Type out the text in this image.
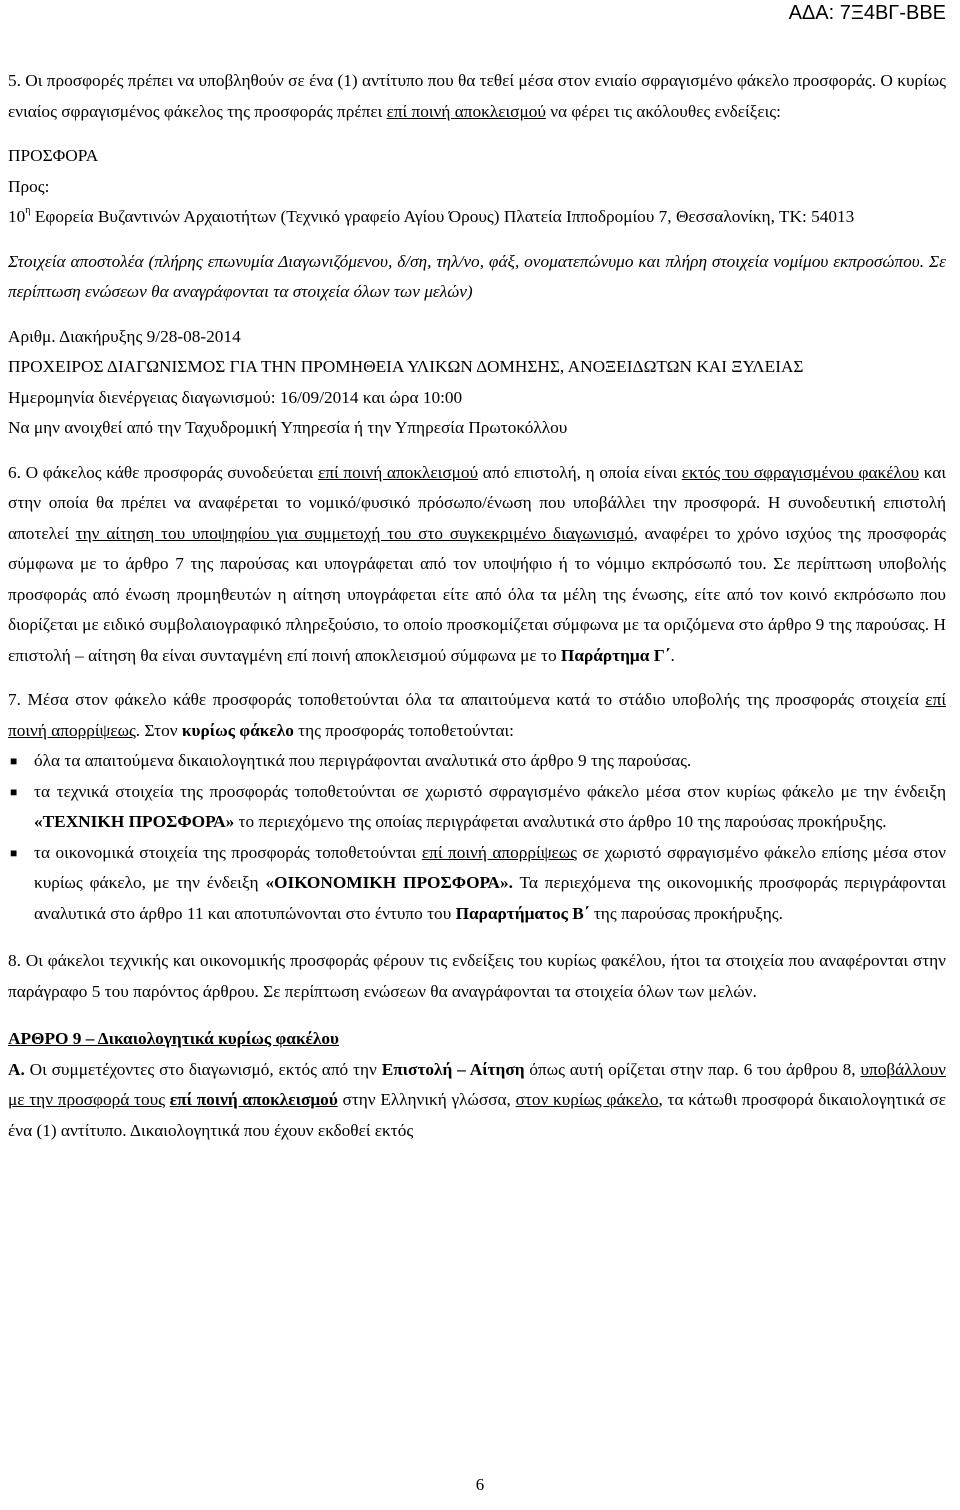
ΑΔΑ: 7Ξ4ΒΓ-ΒΒΕ

5. Οι προσφορές πρέπει να υποβληθούν σε ένα (1) αντίτυπο που θα τεθεί μέσα στον ενιαίο σφραγισμένο φάκελο προσφοράς. Ο κυρίως ενιαίος σφραγισμένος φάκελος της προσφοράς πρέπει επί ποινή αποκλεισμού να φέρει τις ακόλουθες ενδείξεις:

ΠΡΟΣΦΟΡΑ

Προς:

$10^\eta$ Εφορεία Βυζαντινών Αρχαιοτήτων (Τεχνικό γραφείο Αγίου Όρους) Πλατεία Ιπποδρομίου 7, Θεσσαλονίκη, ΤΚ: 54013

Στοιχεία αποστολέα (πλήρης επωνυμία Διαγωνιζόμενου, δ/ση, τηλ/νο, φάξ, ονοματεπώνυμο και πλήρη στοιχεία νομίμου εκπροσώπου. Σε περίπτωση ενώσεων θα αναγράφονται τα στοιχεία όλων των μελών)

Αριθμ. Διακήρυξης 9/28-08-2014

ΠΡΟΧΕΙΡΟΣ ΔΙΑΓΩΝΙΣΜΟΣ ΓΙΑ ΤΗΝ ΠΡΟΜΗΘΕΙΑ ΥΛΙΚΩΝ ΔΟΜΗΣΗΣ, ΑΝΟΞΕΙΔΩΤΩΝ ΚΑΙ ΞΥΛΕΙΑΣ

Ημερομηνία διενέργειας διαγωνισμού: 16/09/2014 και ώρα 10:00

Να μην ανοιχθεί από την Ταχυδρομική Υπηρεσία ή την Υπηρεσία Πρωτοκόλλου

6. Ο φάκελος κάθε προσφοράς συνοδεύεται επί ποινή αποκλεισμού από επιστολή, η οποία είναι εκτός του σφραγισμένου φακέλου και στην οποία θα πρέπει να αναφέρεται το νομικό/φυσικό πρόσωπο/ένωση που υποβάλλει την προσφορά. Η συνοδευτική επιστολή αποτελεί την αίτηση του υποψηφίου για συμμετοχή του στο συγκεκριμένο διαγωνισμό, αναφέρει το χρόνο ισχύος της προσφοράς σύμφωνα με το άρθρο 7 της παρούσας και υπογράφεται από τον υποψήφιο ή το νόμιμο εκπρόσωπό του. Σε περίπτωση υποβολής προσφοράς από ένωση προμηθευτών η αίτηση υπογράφεται είτε από όλα τα μέλη της ένωσης, είτε από τον κοινό εκπρόσωπο που διορίζεται με ειδικό συμβολαιογραφικό πληρεξούσιο, το οποίο προσκομίζεται σύμφωνα με τα οριζόμενα στο άρθρο 9 της παρούσας. Η επιστολή – αίτηση θα είναι συνταγμένη επί ποινή αποκλεισμού σύμφωνα με το Παράρτημα Γ΄.

7. Μέσα στον φάκελο κάθε προσφοράς τοποθετούνται όλα τα απαιτούμενα κατά το στάδιο υποβολής της προσφοράς στοιχεία επί ποινή απορρίψεως. Στον κυρίως φάκελο της προσφοράς τοποθετούνται:

■ όλα τα απαιτούμενα δικαιολογητικά που περιγράφονται αναλυτικά στο άρθρο 9 της παρούσας.

■ τα τεχνικά στοιχεία της προσφοράς τοποθετούνται σε χωριστό σφραγισμένο φάκελο μέσα στον κυρίως φάκελο με την ένδειξη «ΤΕΧΝΙΚΗ ΠΡΟΣΦΟΡΑ» το περιεχόμενο της οποίας περιγράφεται αναλυτικά στο άρθρο 10 της παρούσας προκήρυξης.

■ τα οικονομικά στοιχεία της προσφοράς τοποθετούνται επί ποινή απορρίψεως σε χωριστό σφραγισμένο φάκελο επίσης μέσα στον κυρίως φάκελο, με την ένδειξη «ΟΙΚΟΝΟΜΙΚΗ ΠΡΟΣΦΟΡΑ». Τα περιεχόμενα της οικονομικής προσφοράς περιγράφονται αναλυτικά στο άρθρο 11 και αποτυπώνονται στο έντυπο του Παραρτήματος Β΄ της παρούσας προκήρυξης.

8. Οι φάκελοι τεχνικής και οικονομικής προσφοράς φέρουν τις ενδείξεις του κυρίως φακέλου, ήτοι τα στοιχεία που αναφέρονται στην παράγραφο 5 του παρόντος άρθρου. Σε περίπτωση ενώσεων θα αναγράφονται τα στοιχεία όλων των μελών.

ΑΡΘΡΟ 9 – Δικαιολογητικά κυρίως φακέλου

Α. Οι συμμετέχοντες στο διαγωνισμό, εκτός από την Επιστολή – Αίτηση όπως αυτή ορίζεται στην παρ. 6 του άρθρου 8, υποβάλλουν με την προσφορά τους επί ποινή αποκλεισμού στην Ελληνική γλώσσα, στον κυρίως φάκελο, τα κάτωθι προσφορά δικαιολογητικά σε ένα (1) αντίτυπο. Δικαιολογητικά που έχουν εκδοθεί εκτός

6
